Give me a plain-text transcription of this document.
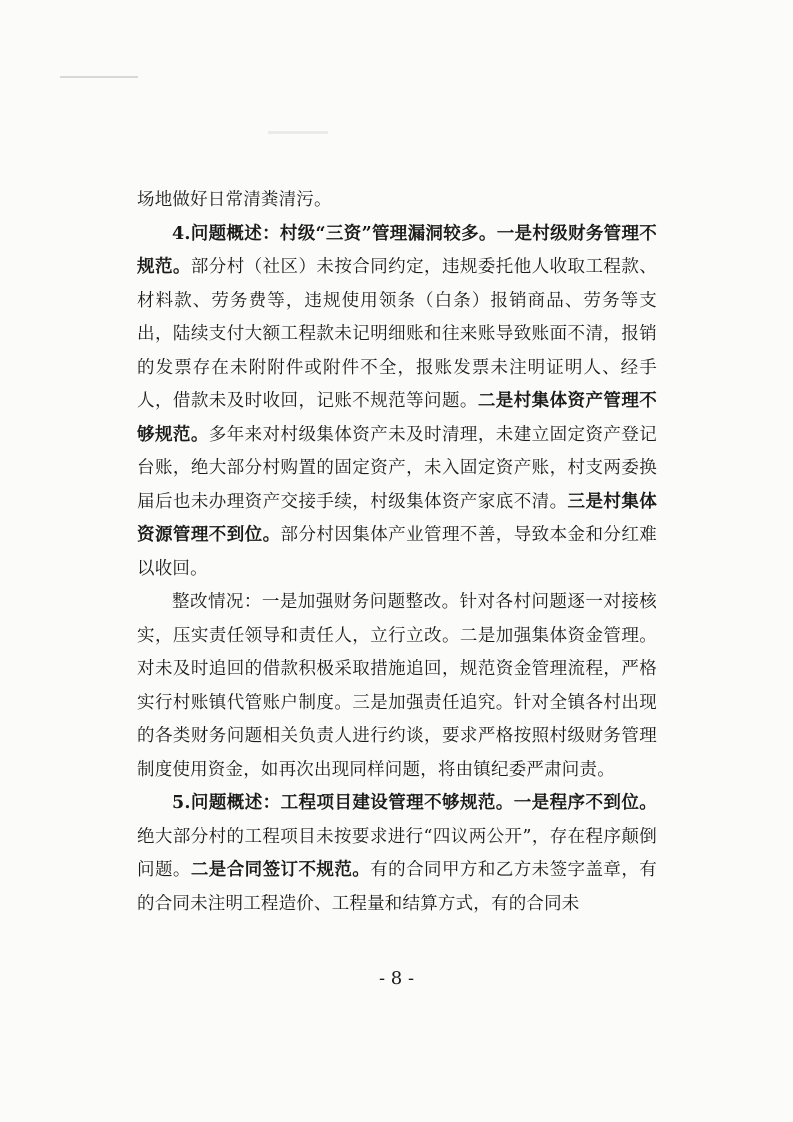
场地做好日常清粪清污。

4.问题概述：村级“三资”管理漏洞较多。一是村级财务管理不规范。部分村（社区）未按合同约定，违规委托他人收取工程款、材料款、劳务费等，违规使用领条（白条）报销商品、劳务等支出，陆续支付大额工程款未记明细账和往来账导致账面不清，报销的发票存在未附附件或附件不全，报账发票未注明证明人、经手人，借款未及时收回，记账不规范等问题。二是村集体资产管理不够规范。多年来对村级集体资产未及时清理，未建立固定资产登记台账，绝大部分村购置的固定资产，未入固定资产账，村支两委换届后也未办理资产交接手续，村级集体资产家底不清。三是村集体资源管理不到位。部分村因集体产业管理不善，导致本金和分红难以收回。

整改情况：一是加强财务问题整改。针对各村问题逐一对接核实，压实责任领导和责任人，立行立改。二是加强集体资金管理。对未及时追回的借款积极采取措施追回，规范资金管理流程，严格实行村账镇代管账户制度。三是加强责任追究。针对全镇各村出现的各类财务问题相关负责人进行约谈，要求严格按照村级财务管理制度使用资金，如再次出现同样问题，将由镇纪委严肃问责。

5.问题概述：工程项目建设管理不够规范。一是程序不到位。绝大部分村的工程项目未按要求进行“四议两公开”，存在程序颠倒问题。二是合同签订不规范。有的合同甲方和乙方未签字盖章，有的合同未注明工程造价、工程量和结算方式，有的合同未

- 8 -
